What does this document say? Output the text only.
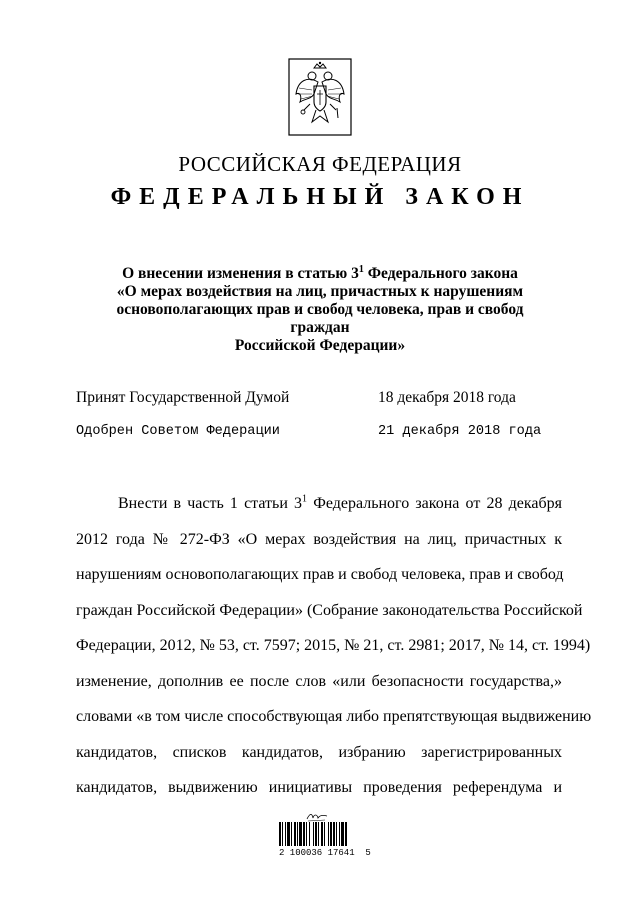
РОССИЙСКАЯ ФЕДЕРАЦИЯ
ФЕДЕРАЛЬНЫЙ ЗАКОН
О внесении изменения в статью $3^1$ Федерального закона
«О мерах воздействия на лиц, причастных к нарушениям
основополагающих прав и свобод человека, прав и свобод граждан
Российской Федерации»
Принят Государственной Думой	18 декабря 2018 года
Одобрен Советом Федерации	21 декабря 2018 года
Внести в часть 1 статьи $3^1$ Федерального закона от 28 декабря
2012 года № 272-ФЗ «О мерах воздействия на лиц, причастных к
нарушениям основополагающих прав и свобод человека, прав и свобод
граждан Российской Федерации» (Собрание законодательства Российской
Федерации, 2012, № 53, ст. 7597; 2015, № 21, ст. 2981; 2017, № 14, ст. 1994)
изменение, дополнив ее после слов «или безопасности государства,»
словами «в том числе способствующая либо препятствующая выдвижению
кандидатов, списков кандидатов, избранию зарегистрированных
кандидатов, выдвижению инициативы проведения референдума и
2 100036 17641  5
